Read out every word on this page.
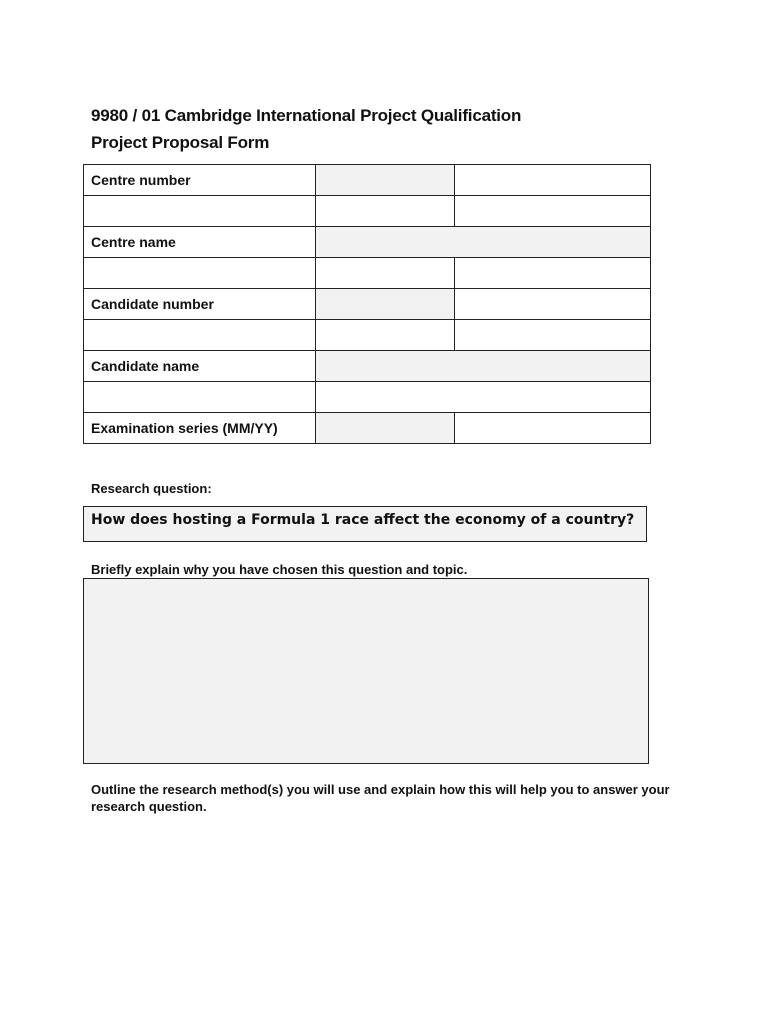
9980 / 01 Cambridge International Project Qualification
Project Proposal Form
Centre number		

Centre name		

Candidate number		

Candidate name		

Examination series (MM/YY)		
Research question:
How does hosting a Formula 1 race affect the economy of a country?
Briefly explain why you have chosen this question and topic.
Outline the research method(s) you will use and explain how this will help you to answer your research question.
